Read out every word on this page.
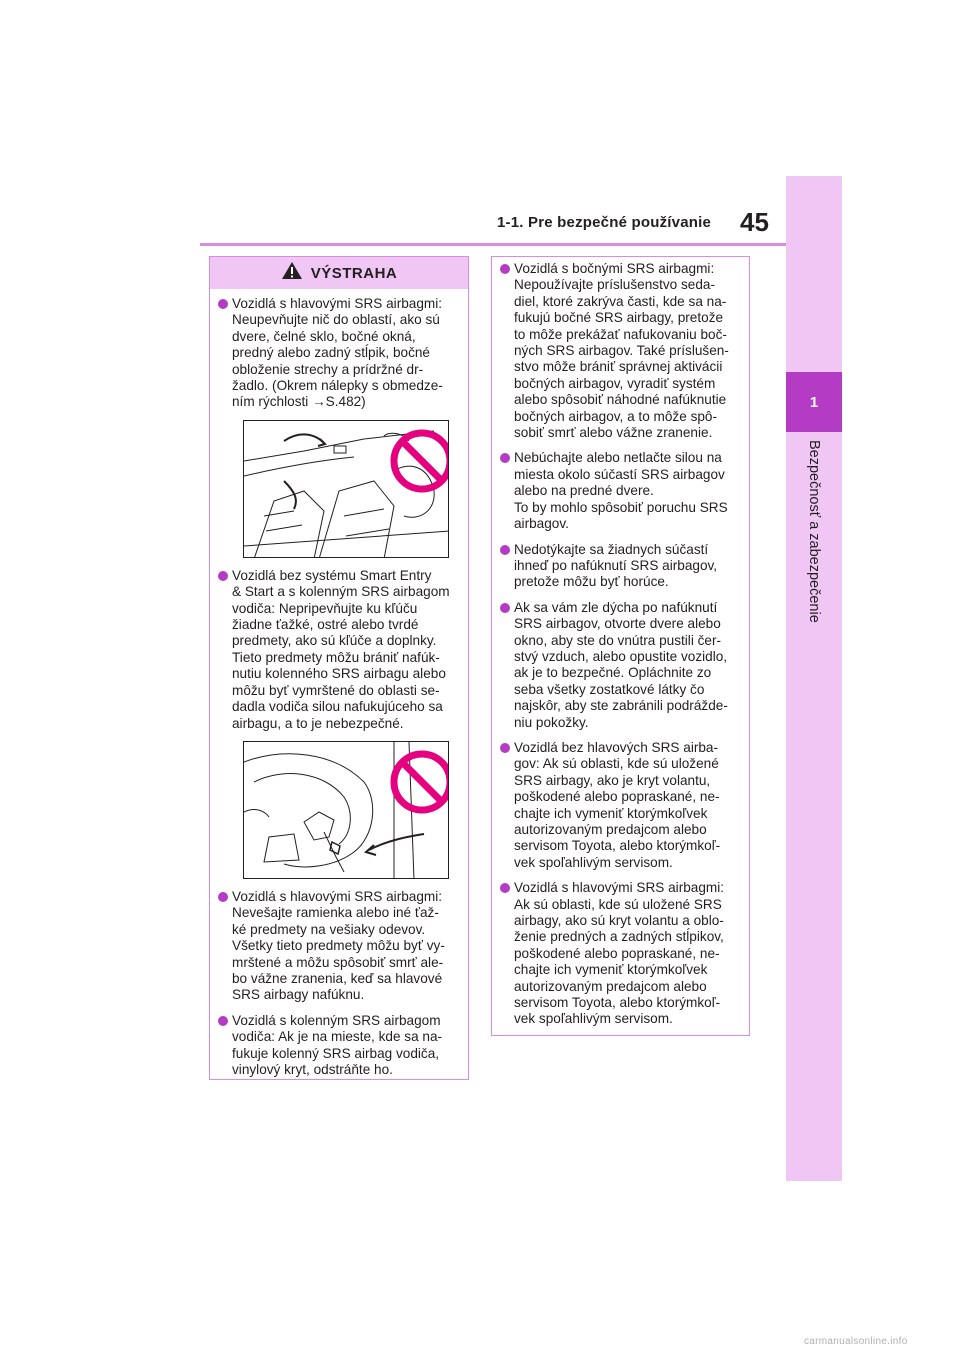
1-1. Pre bezpečné používanie 45
1
Bezpečnosť a zabezpečenie
VÝSTRAHA
Vozidlá s hlavovými SRS airbagmi:
Neupevňujte nič do oblastí, ako sú
dvere, čelné sklo, bočné okná,
predný alebo zadný stĺpik, bočné
obloženie strechy a prídržné dr-
žadlo. (Okrem nálepky s obmedze-
ním rýchlosti →S.482)
Vozidlá bez systému Smart Entry
& Start a s kolenným SRS airbagom
vodiča: Nepripevňujte ku kľúču
žiadne ťažké, ostré alebo tvrdé
predmety, ako sú kľúče a doplnky.
Tieto predmety môžu brániť nafúk-
nutiu kolenného SRS airbagu alebo
môžu byť vymrštené do oblasti se-
dadla vodiča silou nafukujúceho sa
airbagu, a to je nebezpečné.
Vozidlá s hlavovými SRS airbagmi:
Nevešajte ramienka alebo iné ťaž-
ké predmety na vešiaky odevov.
Všetky tieto predmety môžu byť vy-
mrštené a môžu spôsobiť smrť ale-
bo vážne zranenia, keď sa hlavové
SRS airbagy nafúknu.
Vozidlá s kolenným SRS airbagom
vodiča: Ak je na mieste, kde sa na-
fukuje kolenný SRS airbag vodiča,
vinylový kryt, odstráňte ho.
Vozidlá s bočnými SRS airbagmi:
Nepoužívajte príslušenstvo seda-
diel, ktoré zakrýva časti, kde sa na-
fukujú bočné SRS airbagy, pretože
to môže prekážať nafukovaniu boč-
ných SRS airbagov. Také príslušen-
stvo môže brániť správnej aktivácii
bočných airbagov, vyradiť systém
alebo spôsobiť náhodné nafúknutie
bočných airbagov, a to môže spô-
sobiť smrť alebo vážne zranenie.
Nebúchajte alebo netlačte silou na
miesta okolo súčastí SRS airbagov
alebo na predné dvere.
To by mohlo spôsobiť poruchu SRS
airbagov.
Nedotýkajte sa žiadnych súčastí
ihneď po nafúknutí SRS airbagov,
pretože môžu byť horúce.
Ak sa vám zle dýcha po nafúknutí
SRS airbagov, otvorte dvere alebo
okno, aby ste do vnútra pustili čer-
stvý vzduch, alebo opustite vozidlo,
ak je to bezpečné. Opláchnite zo
seba všetky zostatkové látky čo
najskôr, aby ste zabránili podrážde-
niu pokožky.
Vozidlá bez hlavových SRS airba-
gov: Ak sú oblasti, kde sú uložené
SRS airbagy, ako je kryt volantu,
poškodené alebo popraskané, ne-
chajte ich vymeniť ktorýmkoľvek
autorizovaným predajcom alebo
servisom Toyota, alebo ktorýmkoľ-
vek spoľahlivým servisom.
Vozidlá s hlavovými SRS airbagmi:
Ak sú oblasti, kde sú uložené SRS
airbagy, ako sú kryt volantu a oblo-
ženie predných a zadných stĺpikov,
poškodené alebo popraskané, ne-
chajte ich vymeniť ktorýmkoľvek
autorizovaným predajcom alebo
servisom Toyota, alebo ktorýmkoľ-
vek spoľahlivým servisom.
carmanualsonline.info
